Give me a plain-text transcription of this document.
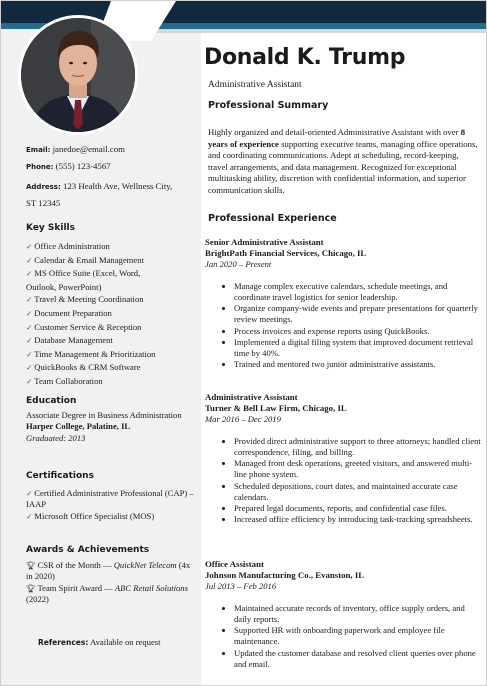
Donald K. Trump
Administrative Assistant
Professional Summary
Highly organized and detail-oriented Administrative Assistant with over 8 years of experience supporting executive teams, managing office operations, and coordinating communications. Adept at scheduling, record-keeping, travel arrangements, and data management. Recognized for exceptional multitasking ability, discretion with confidential information, and superior communication skills.
Email: janedoe@email.com
Phone: (555) 123-4567
Address: 123 Health Ave, Wellness City,
ST 12345
Key Skills
✓ Office Administration
✓ Calendar & Email Management
✓ MS Office Suite (Excel, Word,
Outlook, PowerPoint)
✓ Travel & Meeting Coordination
✓ Document Preparation
✓ Customer Service & Reception
✓ Database Management
✓ Time Management & Prioritization
✓ QuickBooks & CRM Software
✓ Team Collaboration
Education
Associate Degree in Business Administration
Harper College, Palatine, IL
Graduated: 2013
Certifications
✓ Certified Administrative Professional (CAP) – IAAP
✓ Microsoft Office Specialist (MOS)
Awards & Achievements
🏆︎ CSR of the Month — QuickNet Telecom (4x in 2020)
🏆︎ Team Spirit Award — ABC Retail Solutions (2022)
References: Available on request
Professional Experience
Senior Administrative Assistant
BrightPath Financial Services, Chicago, IL
Jan 2020 – Present
• Manage complex executive calendars, schedule meetings, and coordinate travel logistics for senior leadership.
• Organize company-wide events and prepare presentations for quarterly review meetings.
• Process invoices and expense reports using QuickBooks.
• Implemented a digital filing system that improved document retrieval time by 40%.
• Trained and mentored two junior administrative assistants.
Administrative Assistant
Turner & Bell Law Firm, Chicago, IL
Mar 2016 – Dec 2019
• Provided direct administrative support to three attorneys; handled client correspondence, filing, and billing.
• Managed front desk operations, greeted visitors, and answered multi-line phone system.
• Scheduled depositions, court dates, and maintained accurate case calendars.
• Prepared legal documents, reports, and confidential case files.
• Increased office efficiency by introducing task-tracking spreadsheets.
Office Assistant
Johnson Manufacturing Co., Evanston, IL
Jul 2013 – Feb 2016
• Maintained accurate records of inventory, office supply orders, and daily reports.
• Supported HR with onboarding paperwork and employee file maintenance.
• Updated the customer database and resolved client queries over phone and email.
